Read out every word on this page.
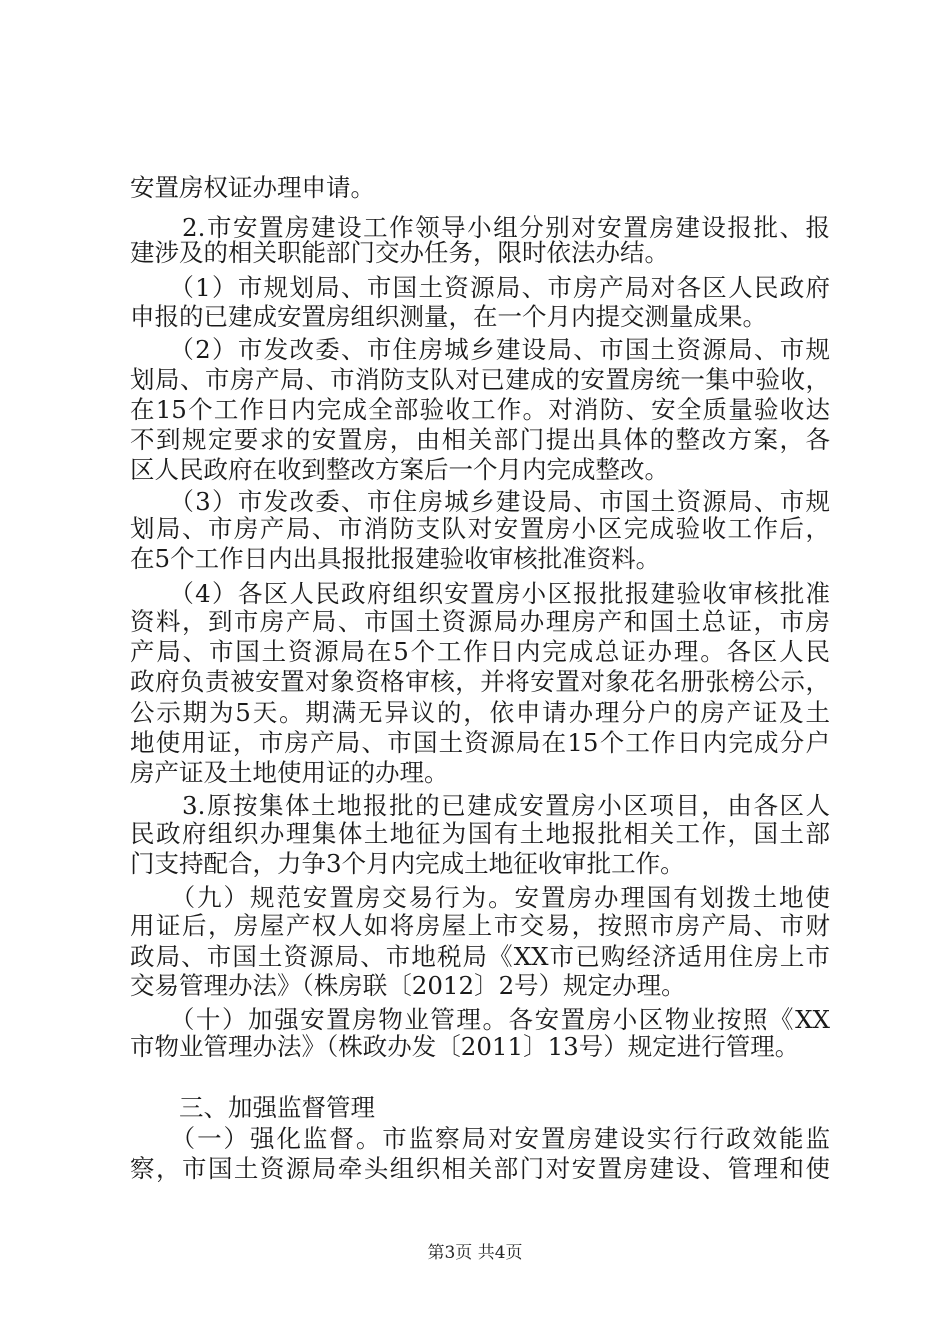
安置房权证办理申请。
　　2.市安置房建设工作领导小组分别对安置房建设报批、报
建涉及的相关职能部门交办任务，限时依法办结。
　　（1）市规划局、市国土资源局、市房产局对各区人民政府
申报的已建成安置房组织测量，在一个月内提交测量成果。
　　（2）市发改委、市住房城乡建设局、市国土资源局、市规
划局、市房产局、市消防支队对已建成的安置房统一集中验收，
在15个工作日内完成全部验收工作。对消防、安全质量验收达
不到规定要求的安置房，由相关部门提出具体的整改方案，各
区人民政府在收到整改方案后一个月内完成整改。
　　（3）市发改委、市住房城乡建设局、市国土资源局、市规
划局、市房产局、市消防支队对安置房小区完成验收工作后，
在5个工作日内出具报批报建验收审核批准资料。
　　（4）各区人民政府组织安置房小区报批报建验收审核批准
资料，到市房产局、市国土资源局办理房产和国土总证，市房
产局、市国土资源局在5个工作日内完成总证办理。各区人民
政府负责被安置对象资格审核，并将安置对象花名册张榜公示，
公示期为5天。期满无异议的，依申请办理分户的房产证及土
地使用证，市房产局、市国土资源局在15个工作日内完成分户
房产证及土地使用证的办理。
　　3.原按集体土地报批的已建成安置房小区项目，由各区人
民政府组织办理集体土地征为国有土地报批相关工作，国土部
门支持配合，力争3个月内完成土地征收审批工作。
　　（九）规范安置房交易行为。安置房办理国有划拨土地使
用证后，房屋产权人如将房屋上市交易，按照市房产局、市财
政局、市国土资源局、市地税局《XX市已购经济适用住房上市
交易管理办法》（株房联〔2012〕2号）规定办理。
　　（十）加强安置房物业管理。各安置房小区物业按照《XX
市物业管理办法》（株政办发〔2011〕13号）规定进行管理。
　　三、加强监督管理
　　（一）强化监督。市监察局对安置房建设实行行政效能监
察，市国土资源局牵头组织相关部门对安置房建设、管理和使
第3页 共4页
